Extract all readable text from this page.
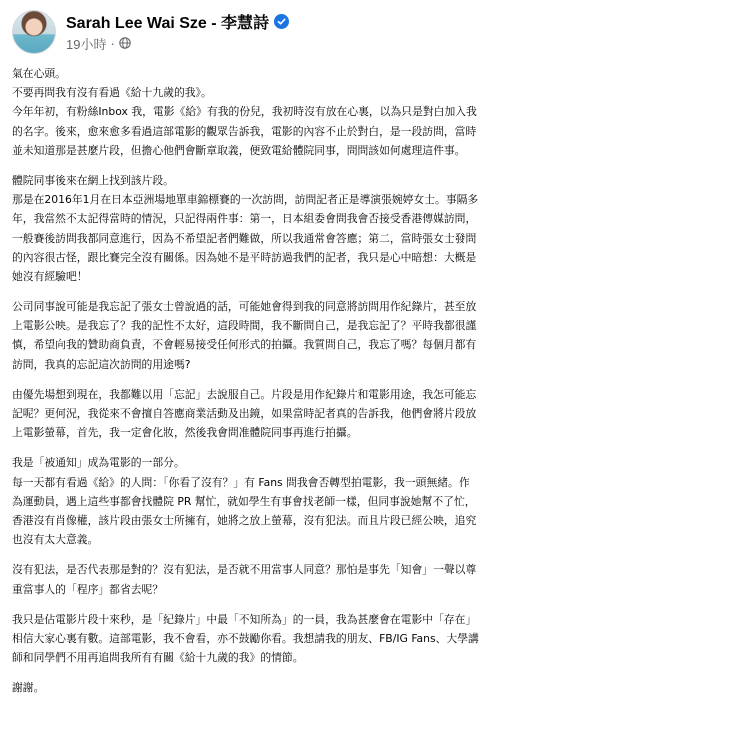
Sarah Lee Wai Sze - 李慧詩
19小時 ·
氣在心頭。
不要再問我有沒有看過《給十九歲的我》。
今年年初，有粉絲Inbox 我，電影《給》有我的份兒，我初時沒有放在心裏，以為只是對白加入我
的名字。後來，愈來愈多看過這部電影的觀眾告訴我，電影的內容不止於對白，是一段訪問，當時
並未知道那是甚麼片段，但擔心他們會斷章取義，便致電給體院同事，問問該如何處理這件事。
體院同事後來在網上找到該片段。
那是在2016年1月在日本亞洲場地單車錦標賽的一次訪問，訪問記者正是導演張婉婷女士。事隔多
年，我當然不太記得當時的情況，只記得兩件事：第一，日本組委會問我會否接受香港傳媒訪問，
一般賽後訪問我都同意進行，因為不希望記者們難做，所以我通常會答應；第二，當時張女士發問
的內容很古怪，跟比賽完全沒有關係。因為她不是平時訪過我們的記者，我只是心中暗想：大概是
她沒有經驗吧！
公司同事說可能是我忘記了張女士曾說過的話，可能她會得到我的同意將訪問用作紀錄片，甚至放
上電影公映。是我忘了？我的記性不太好，這段時間，我不斷問自己，是我忘記了？平時我都很謹
慎，希望向我的贊助商負責，不會輕易接受任何形式的拍攝。我質問自己，我忘了嗎？每個月都有
訪問，我真的忘記這次訪問的用途嗎?
由優先場想到現在，我都難以用「忘記」去說服自己。片段是用作紀錄片和電影用途，我怎可能忘
記呢？更何況，我從來不會擅自答應商業活動及出鏡，如果當時記者真的告訴我，他們會將片段放
上電影螢幕，首先，我一定會化妝，然後我會問准體院同事再進行拍攝。
我是「被通知」成為電影的一部分。
每一天都有看過《給》的人問：「你看了沒有？」有 Fans 問我會否轉型拍電影，我一頭無緒。作
為運動員，遇上這些事都會找體院 PR 幫忙，就如學生有事會找老師一樣，但同事說她幫不了忙，
香港沒有肖像權，該片段由張女士所擁有，她將之放上螢幕，沒有犯法。而且片段已經公映，追究
也沒有太大意義。
沒有犯法，是否代表那是對的？沒有犯法，是否就不用當事人同意？那怕是事先「知會」一聲以尊
重當事人的「程序」都省去呢？
我只是佔電影片段十來秒，是「紀錄片」中最「不知所為」的一員，我為甚麼會在電影中「存在」
相信大家心裏有數。這部電影，我不會看，亦不鼓勵你看。我想請我的朋友、FB/IG Fans、大學講
師和同學們不用再追問我所有有關《給十九歲的我》的情節。
謝謝。
